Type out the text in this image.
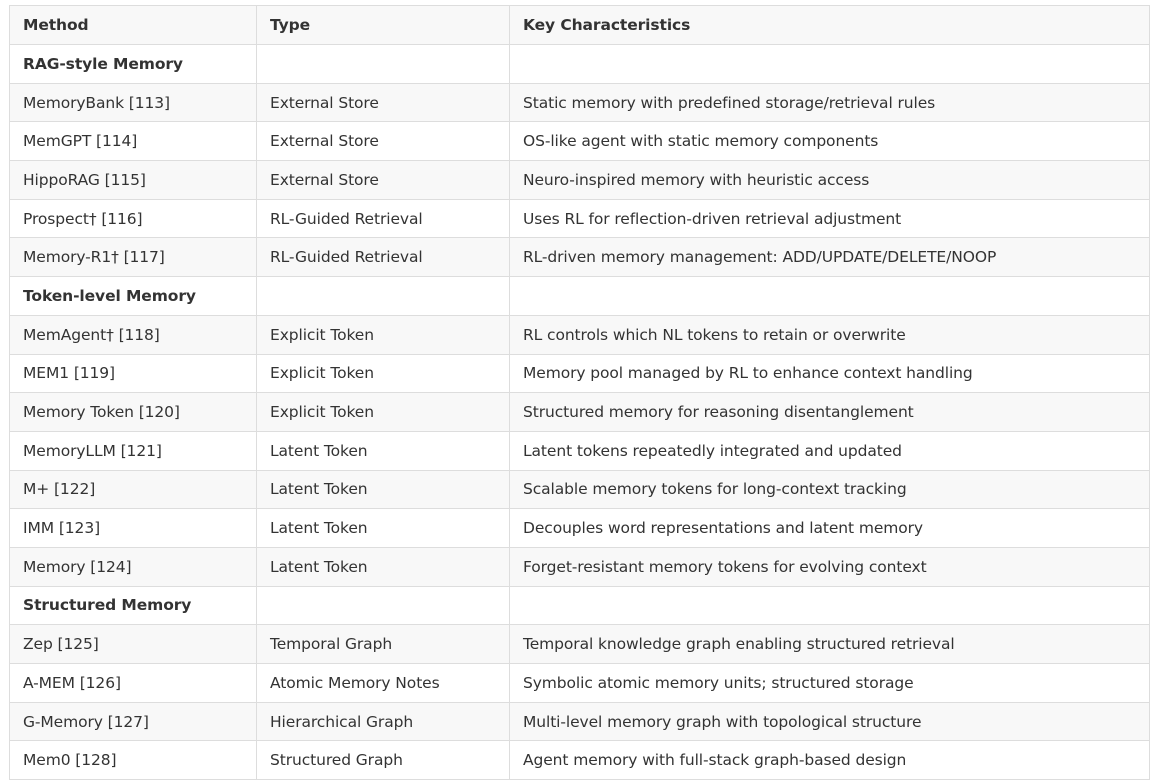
Method	Type	Key Characteristics
RAG-style Memory		
MemoryBank [113]	External Store	Static memory with predefined storage/retrieval rules
MemGPT [114]	External Store	OS-like agent with static memory components
HippoRAG [115]	External Store	Neuro-inspired memory with heuristic access
Prospect† [116]	RL-Guided Retrieval	Uses RL for reflection-driven retrieval adjustment
Memory-R1† [117]	RL-Guided Retrieval	RL-driven memory management: ADD/UPDATE/DELETE/NOOP
Token-level Memory		
MemAgent† [118]	Explicit Token	RL controls which NL tokens to retain or overwrite
MEM1 [119]	Explicit Token	Memory pool managed by RL to enhance context handling
Memory Token [120]	Explicit Token	Structured memory for reasoning disentanglement
MemoryLLM [121]	Latent Token	Latent tokens repeatedly integrated and updated
M+ [122]	Latent Token	Scalable memory tokens for long-context tracking
IMM [123]	Latent Token	Decouples word representations and latent memory
Memory [124]	Latent Token	Forget-resistant memory tokens for evolving context
Structured Memory		
Zep [125]	Temporal Graph	Temporal knowledge graph enabling structured retrieval
A-MEM [126]	Atomic Memory Notes	Symbolic atomic memory units; structured storage
G-Memory [127]	Hierarchical Graph	Multi-level memory graph with topological structure
Mem0 [128]	Structured Graph	Agent memory with full-stack graph-based design
